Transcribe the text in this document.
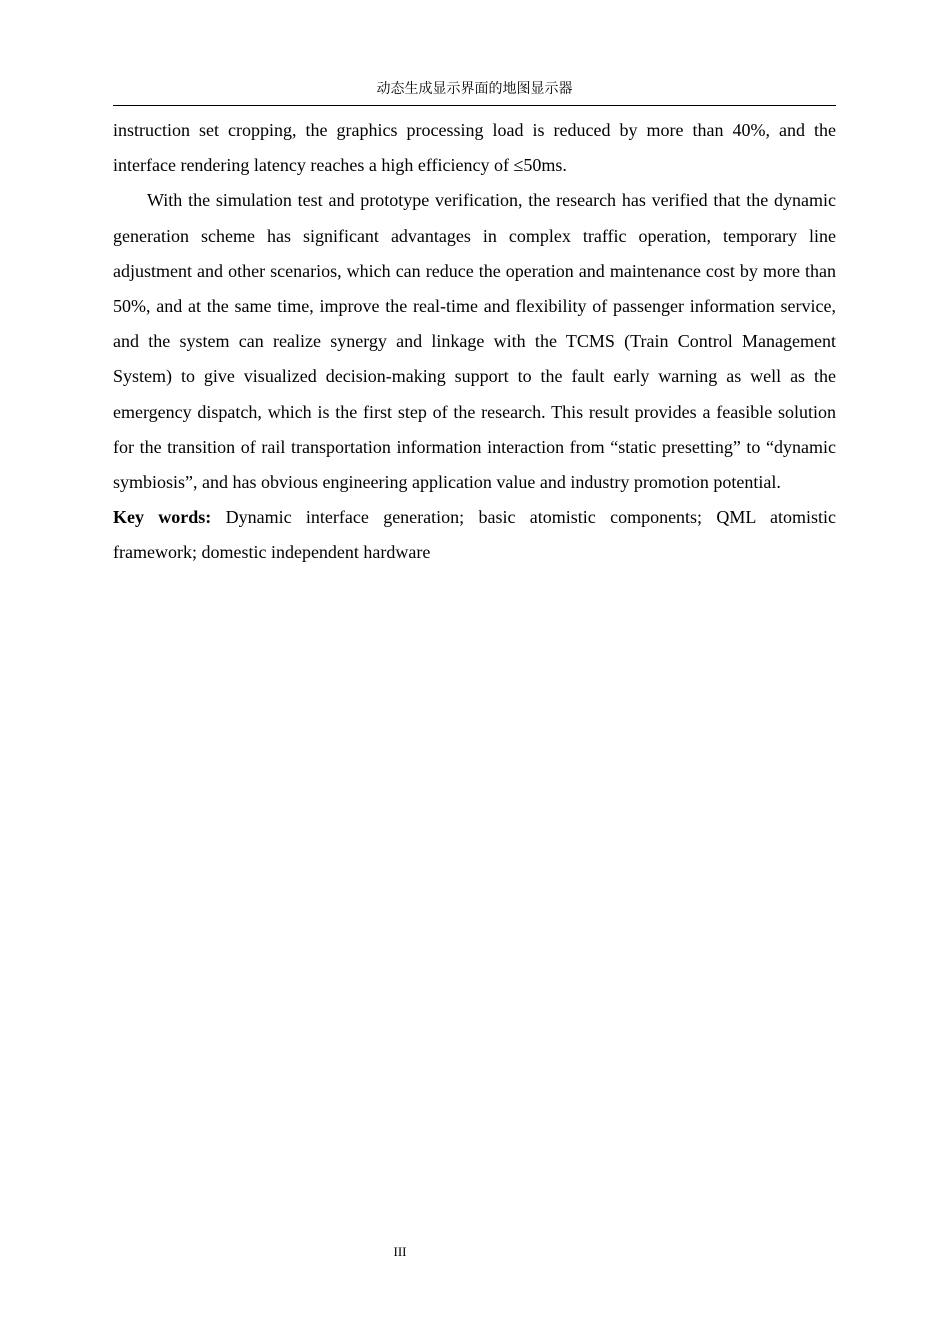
动态生成显示界面的地图显示器

instruction set cropping, the graphics processing load is reduced by more than 40%, and the interface rendering latency reaches a high efficiency of ≤50ms.

With the simulation test and prototype verification, the research has verified that the dynamic generation scheme has significant advantages in complex traffic operation, temporary line adjustment and other scenarios, which can reduce the operation and maintenance cost by more than 50%, and at the same time, improve the real-time and flexibility of passenger information service, and the system can realize synergy and linkage with the TCMS (Train Control Management System) to give visualized decision-making support to the fault early warning as well as the emergency dispatch, which is the first step of the research. This result provides a feasible solution for the transition of rail transportation information interaction from “static presetting” to “dynamic symbiosis”, and has obvious engineering application value and industry promotion potential.

Key words: Dynamic interface generation; basic atomistic components; QML atomistic framework; domestic independent hardware

III
